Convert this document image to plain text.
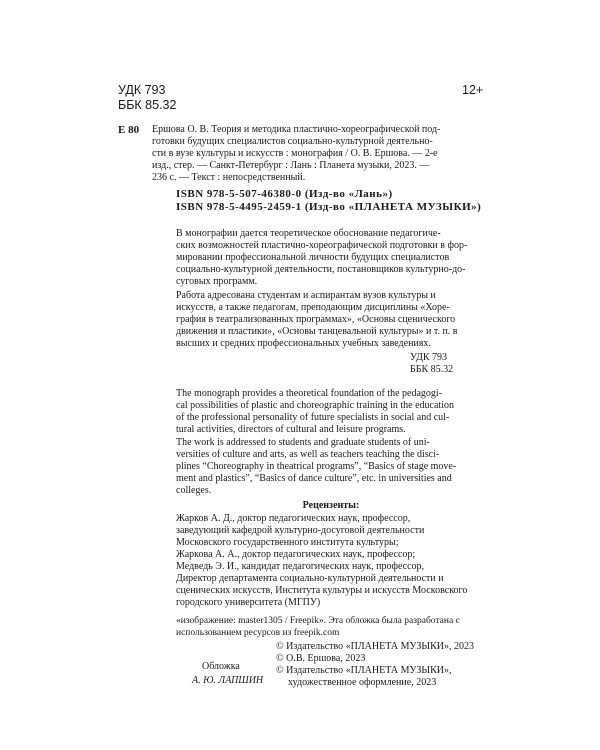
УДК 793
ББК 85.32
12+
Е 80 Ершова О. В. Теория и методика пластично-хореографической под-
готовки будущих специалистов социально-культурной деятельно-
сти в вузе культуры и искусств : монография / О. В. Ершова. — 2-е
изд., стер. — Санкт-Петербург : Лань : Планета музыки, 2023. —
236 с. — Текст : непосредственный.
ISBN 978-5-507-46380-0 (Изд-во «Лань»)
ISBN 978-5-4495-2459-1 (Изд-во «ПЛАНЕТА МУЗЫКИ»)
В монографии дается теоретическое обоснование педагогиче-
ских возможностей пластично-хореографической подготовки в фор-
мировании профессиональной личности будущих специалистов
социально-культурной деятельности, постановщиков культурно-до-
суговых программ.
Работа адресована студентам и аспирантам вузов культуры и
искусств, а также педагогам, преподающим дисциплины «Хоре-
графия в театрализованных программах», «Основы сценического
движения и пластики», «Основы танцевальной культуры» и т. п. в
высших и средних профессиональных учебных заведениях.
УДК 793
ББК 85.32
The monograph provides a theoretical foundation of the pedagogi-
cal possibilities of plastic and choreographic training in the education
of the professional personality of future specialists in social and cul-
tural activities, directors of cultural and leisure programs.
The work is addressed to students and graduate students of uni-
versities of culture and arts, as well as teachers teaching the disci-
plines “Choreography in theatrical programs”, “Basics of stage move-
ment and plastics”, “Basics of dance culture”, etc. in universities and
colleges.
Рецензенты:
Жарков А. Д., доктор педагогических наук, профессор,
заведующий кафедрой культурно-досуговой деятельности
Московского государственного института культуры;
Жаркова А. А., доктор педагогических наук, профессор;
Медведь Э. И., кандидат педагогических наук, профессор,
Директор департамента социально-культурной деятельности и
сценических искусств, Института культуры и искусств Московского
городского университета (МГПУ)
«изображение: master1305 / Freepik». Эта обложка была разработана с
использованием ресурсов из freepik.com
Обложка
А. Ю. ЛАПШИН
© Издательство «ПЛАНЕТА МУЗЫКИ», 2023
© О.В. Ершова, 2023
© Издательство «ПЛАНЕТА МУЗЫКИ»,
художественное оформление, 2023
